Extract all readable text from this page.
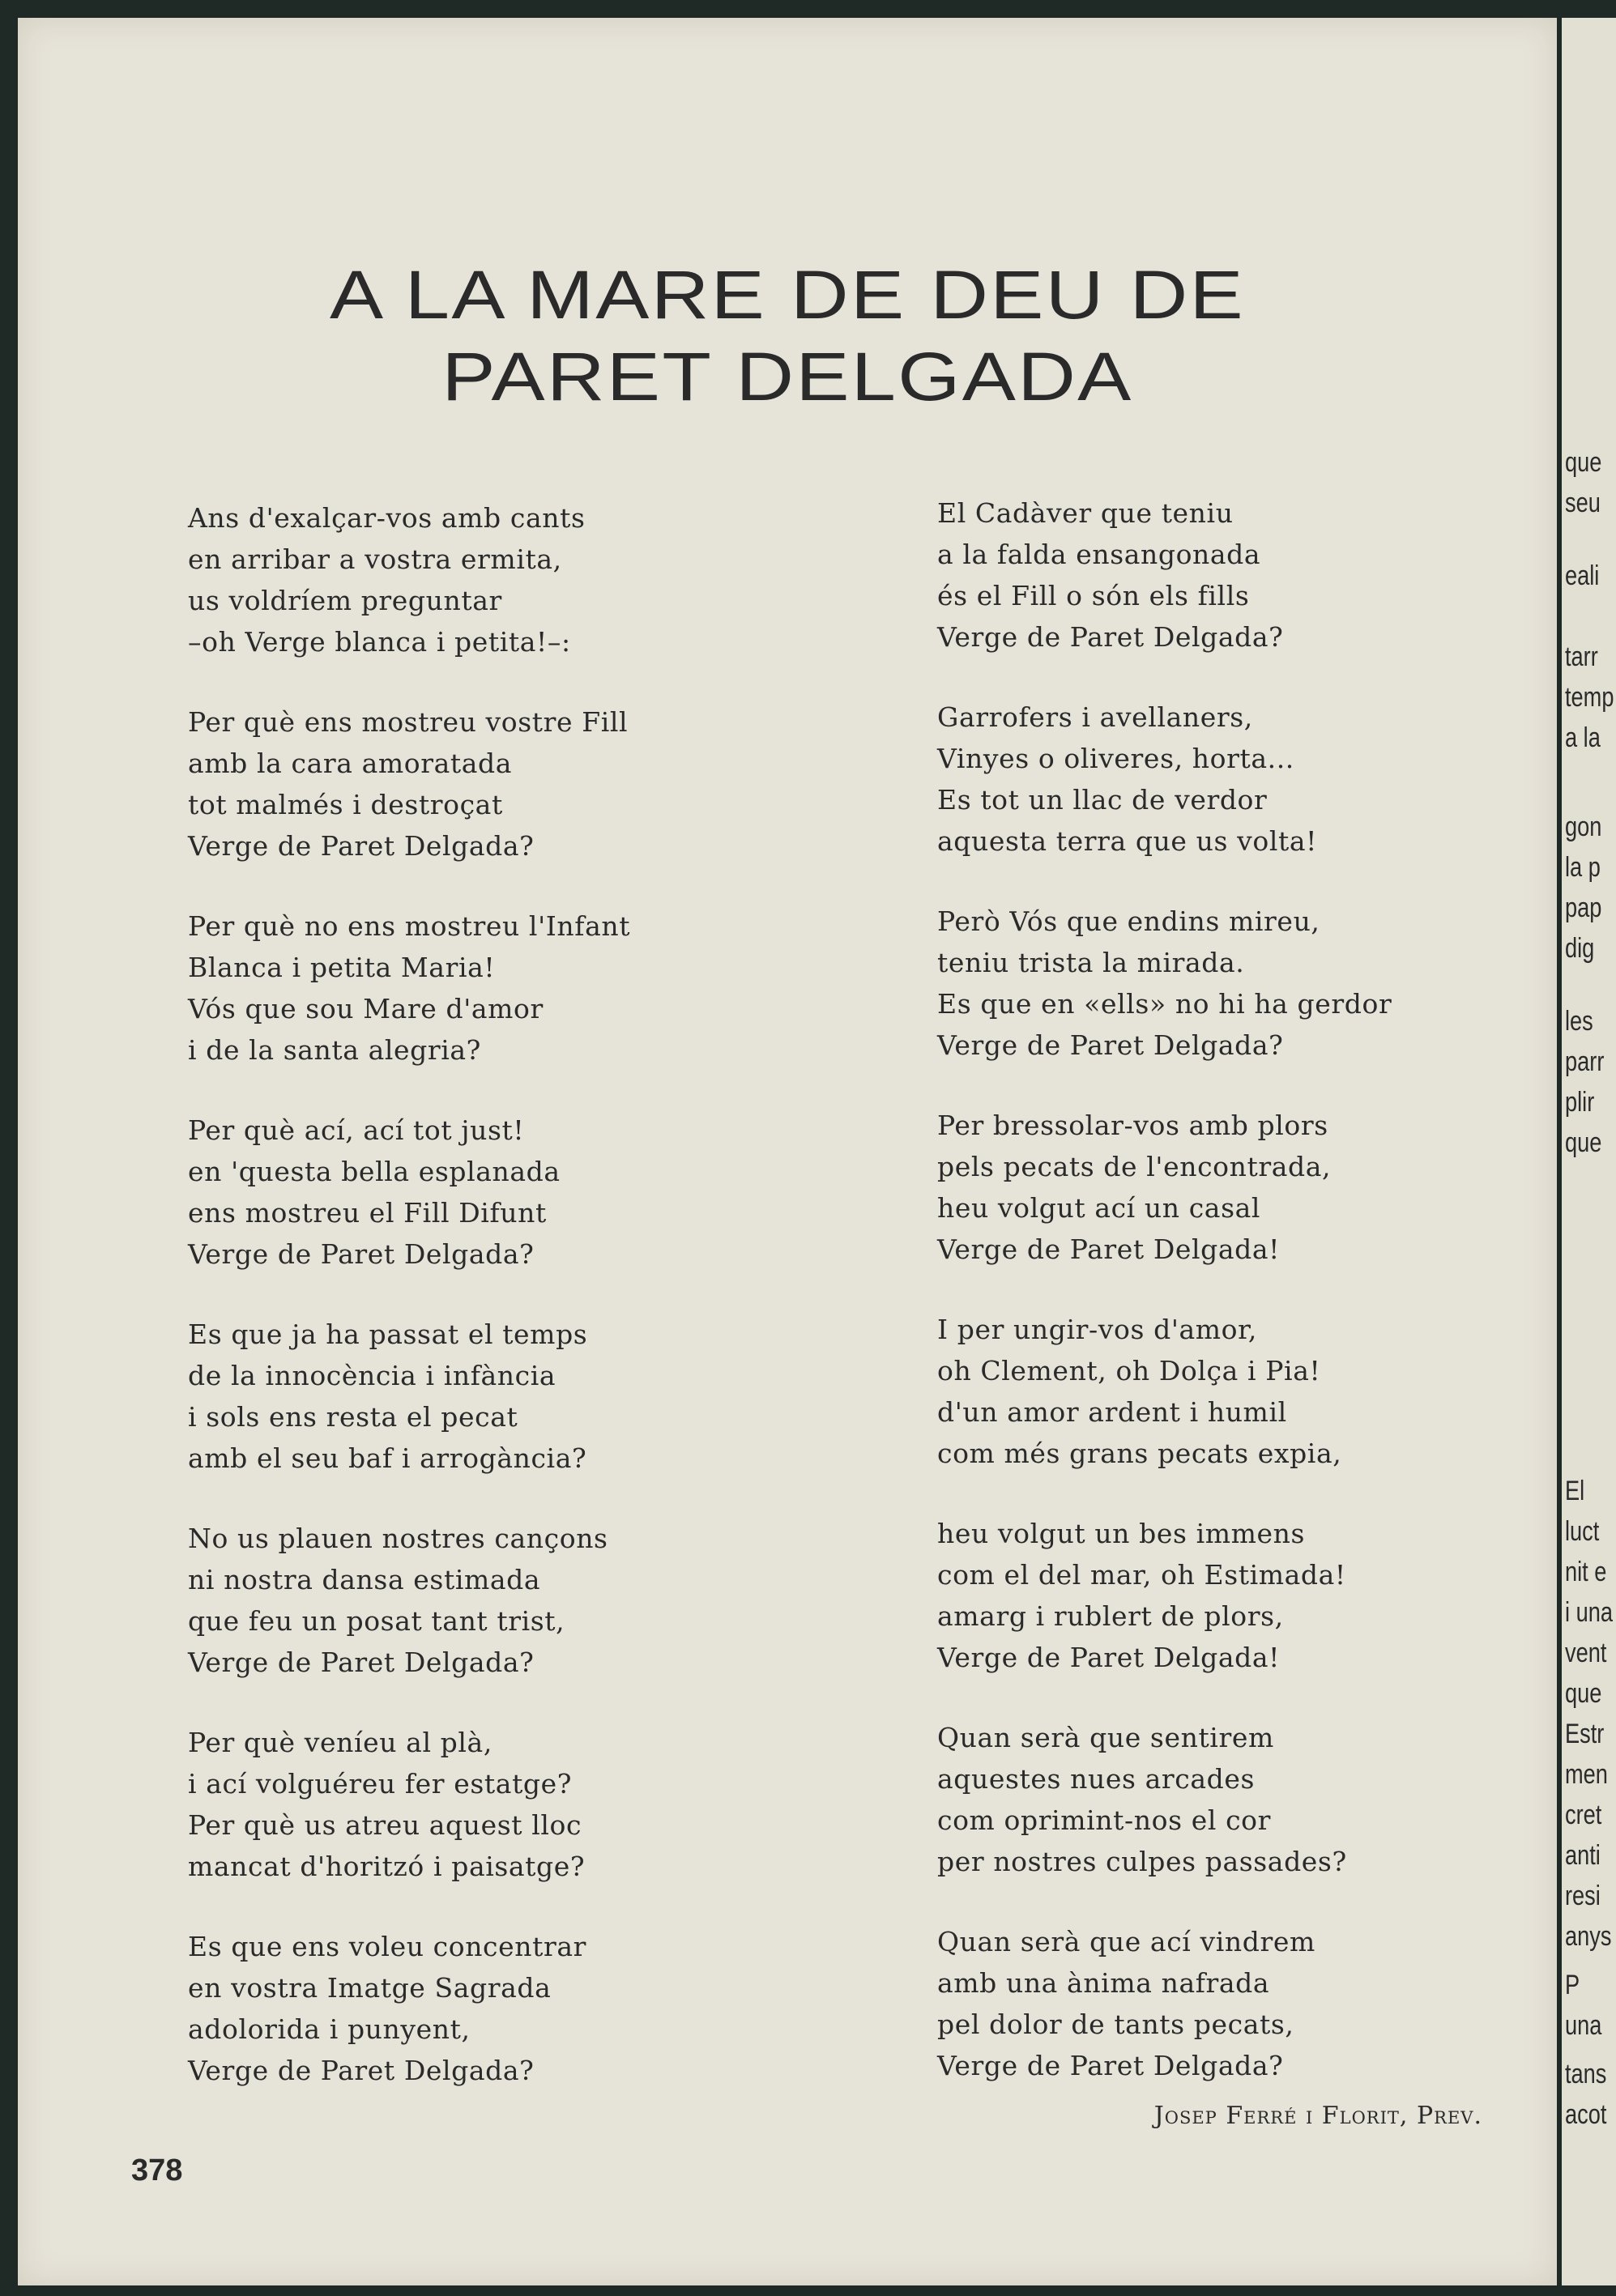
A LA MARE DE DEU DE
PARET DELGADA
Ans d'exalçar-vos amb cants
en arribar a vostra ermita,
us voldríem preguntar
–oh Verge blanca i petita!–:
Per què ens mostreu vostre Fill
amb la cara amoratada
tot malmés i destroçat
Verge de Paret Delgada?
Per què no ens mostreu l'Infant
Blanca i petita Maria!
Vós que sou Mare d'amor
i de la santa alegria?
Per què ací, ací tot just!
en 'questa bella esplanada
ens mostreu el Fill Difunt
Verge de Paret Delgada?
Es que ja ha passat el temps
de la innocència i infància
i sols ens resta el pecat
amb el seu baf i arrogància?
No us plauen nostres cançons
ni nostra dansa estimada
que feu un posat tant trist,
Verge de Paret Delgada?
Per què veníeu al plà,
i ací volguéreu fer estatge?
Per què us atreu aquest lloc
mancat d'horitzó i paisatge?
Es que ens voleu concentrar
en vostra Imatge Sagrada
adolorida i punyent,
Verge de Paret Delgada?
El Cadàver que teniu
a la falda ensangonada
és el Fill o són els fills
Verge de Paret Delgada?
Garrofers i avellaners,
Vinyes o oliveres, horta...
Es tot un llac de verdor
aquesta terra que us volta!
Però Vós que endins mireu,
teniu trista la mirada.
Es que en «ells» no hi ha gerdor
Verge de Paret Delgada?
Per bressolar-vos amb plors
pels pecats de l'encontrada,
heu volgut ací un casal
Verge de Paret Delgada!
I per ungir-vos d'amor,
oh Clement, oh Dolça i Pia!
d'un amor ardent i humil
com més grans pecats expia,
heu volgut un bes immens
com el del mar, oh Estimada!
amarg i rublert de plors,
Verge de Paret Delgada!
Quan serà que sentirem
aquestes nues arcades
com oprimint-nos el cor
per nostres culpes passades?
Quan serà que ací vindrem
amb una ànima nafrada
pel dolor de tants pecats,
Verge de Paret Delgada?
Josep Ferré i Florit, Prev.
378
que
seu
eali
tarr
temp
a la
gon
la p
pap
dig
les
parr
plir
que
El
luct
nit e
i una
vent
que
Estr
men
cret
anti
resi
anys
P
una
tans
acot
